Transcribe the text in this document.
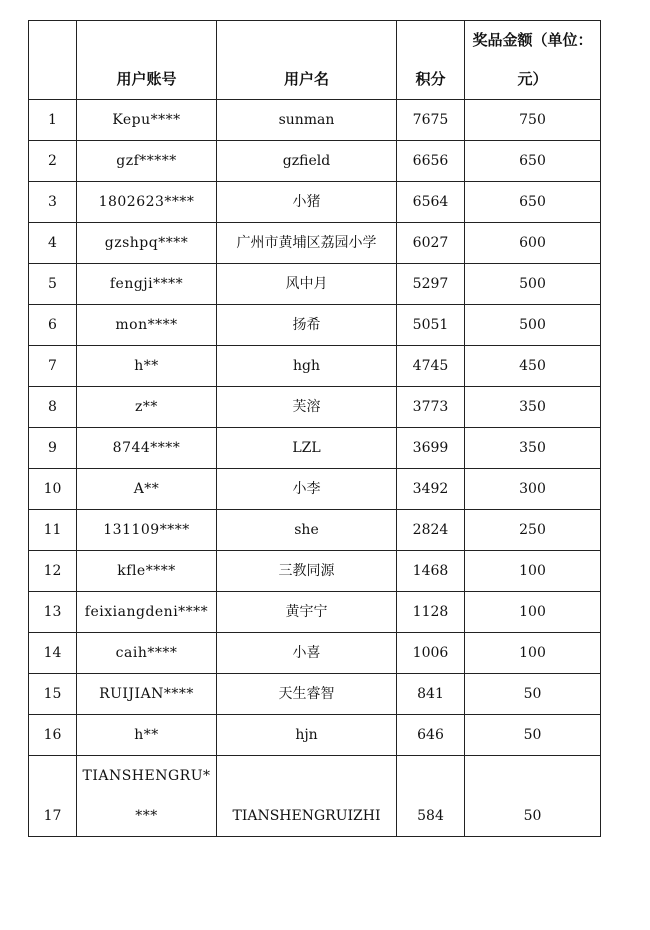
	用户账号	用户名	积分	奖品金额（单位：元）
1	Kepu****	sunman	7675	750
2	gzf*****	gzfield	6656	650
3	1802623****	小猪	6564	650
4	gzshpq****	广州市黄埔区荔园小学	6027	600
5	fengji****	风中月	5297	500
6	mon****	扬希	5051	500
7	h**	hgh	4745	450
8	z**	芙溶	3773	350
9	8744****	LZL	3699	350
10	A**	小李	3492	300
11	131109****	she	2824	250
12	kfle****	三教同源	1468	100
13	feixiangdeni****	黄宇宁	1128	100
14	caih****	小喜	1006	100
15	RUIJIAN****	天生睿智	841	50
16	h**	hjn	646	50
17	TIANSHENGRU****	TIANSHENGRUIZHI	584	50
